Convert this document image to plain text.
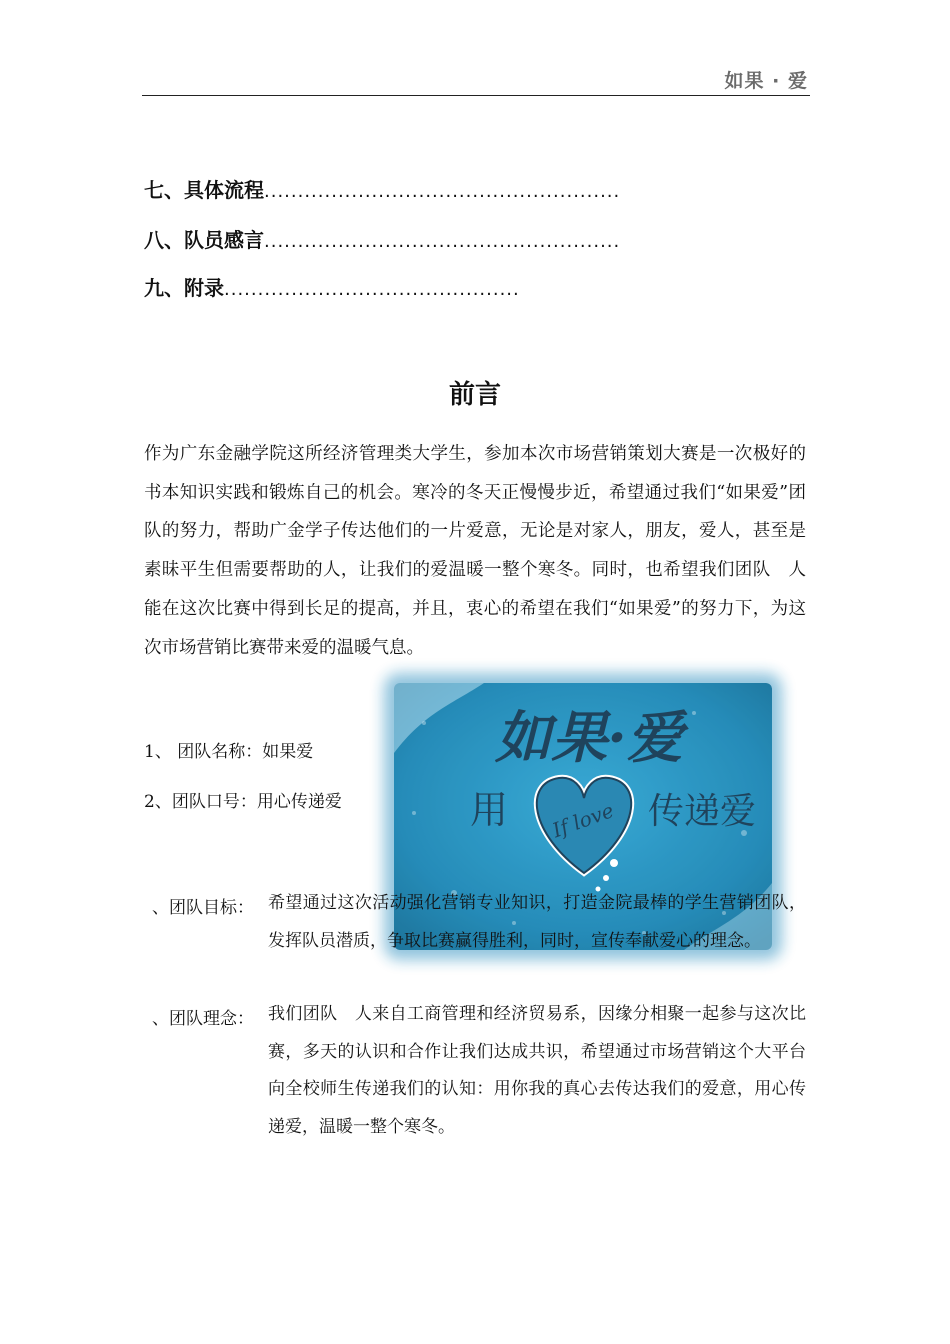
如果 · 爱
七、具体流程.....................................................
八、队员感言.....................................................
九、附录............................................
前言
作为广东金融学院这所经济管理类大学生，参加本次市场营销策划大赛是一次极好的书本知识实践和锻炼自己的机会。寒冷的冬天正慢慢步近，希望通过我们“如果爱”团队的努力，帮助广金学子传达他们的一片爱意，无论是对家人，朋友，爱人，甚至是素昧平生但需要帮助的人，让我们的爱温暖一整个寒冬。同时，也希望我们团队　人能在这次比赛中得到长足的提高，并且，衷心的希望在我们“如果爱”的努力下，为这次市场营销比赛带来爱的温暖气息。
如果·爱
用	传递爱
If love
1、 团队名称：如果爱
2、团队口号：用心传递爱
、团队目标： 希望通过这次活动强化营销专业知识，打造金院最棒的学生营销团队，发挥队员潜质，争取比赛赢得胜利，同时，宣传奉献爱心的理念。
、团队理念： 我们团队　人来自工商管理和经济贸易系，因缘分相聚一起参与这次比赛，多天的认识和合作让我们达成共识，希望通过市场营销这个大平台向全校师生传递我们的认知：用你我的真心去传达我们的爱意，用心传递爱，温暖一整个寒冬。
